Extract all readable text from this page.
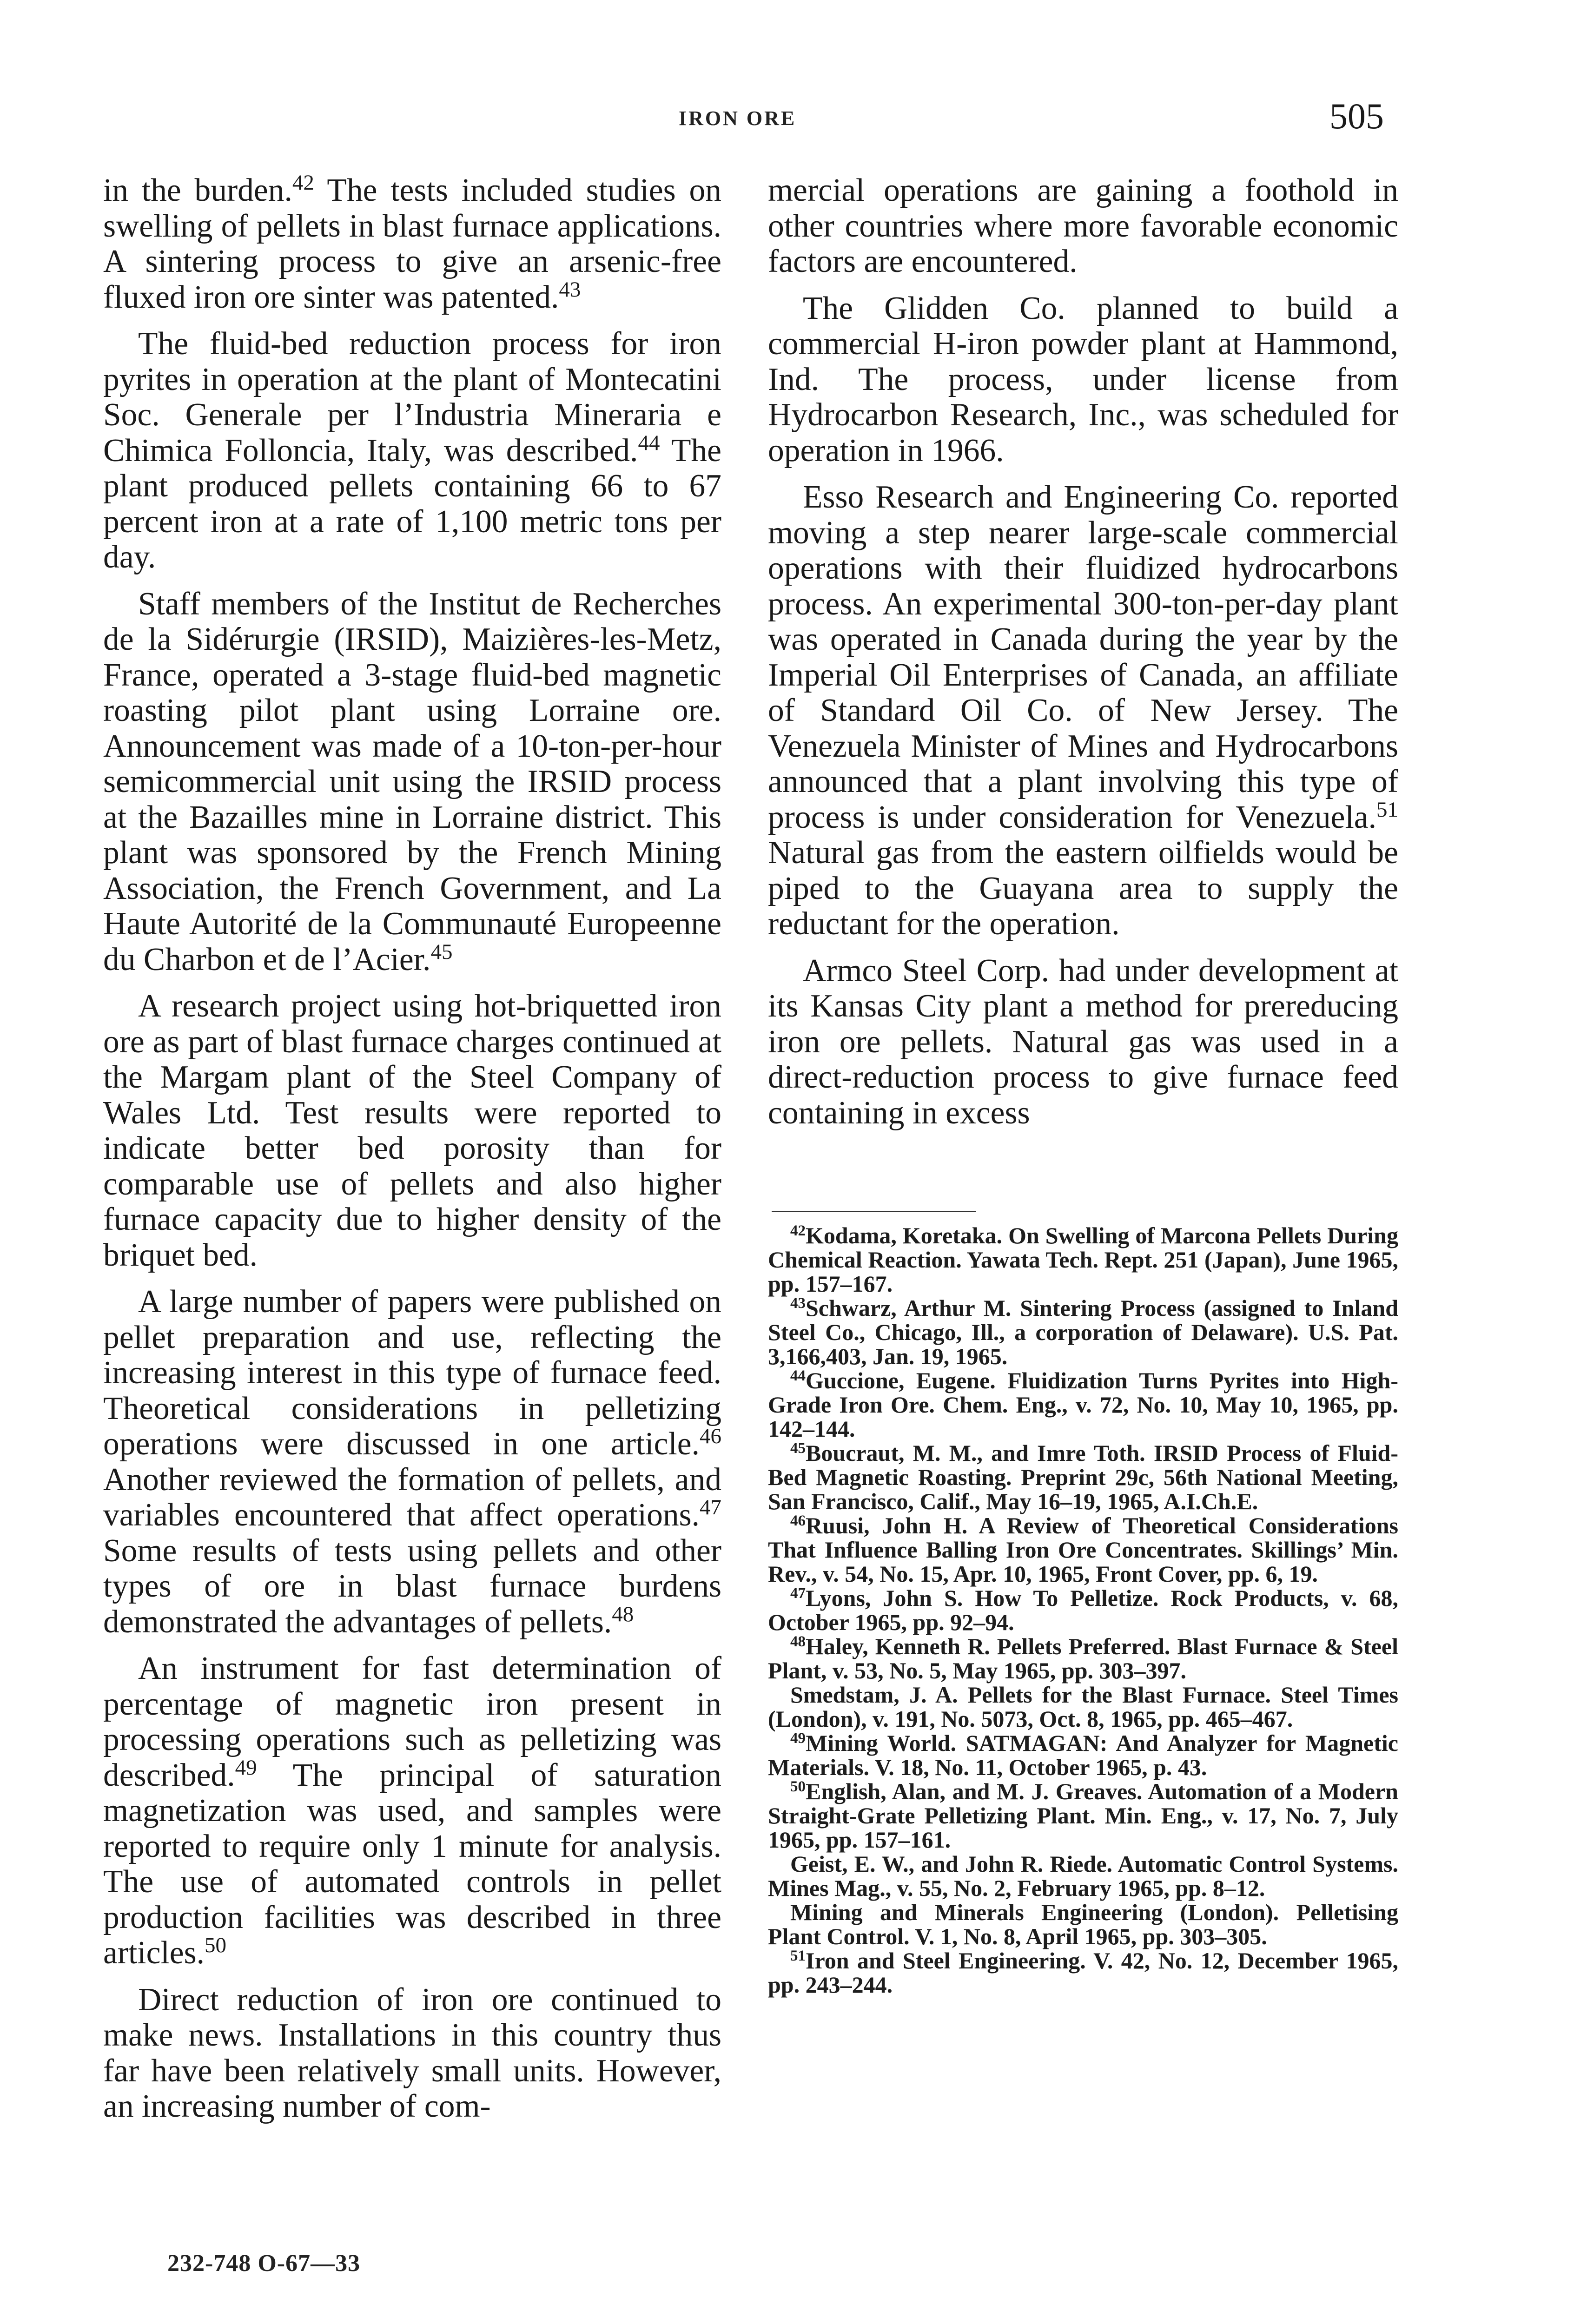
IRON ORE	505

in the burden.$^{42}$ The tests included studies on swelling of pellets in blast furnace applications. A sintering process to give an arsenic-free fluxed iron ore sinter was patented.$^{43}$

The fluid-bed reduction process for iron pyrites in operation at the plant of Montecatini Soc. Generale per l’Industria Mineraria e Chimica Folloncia, Italy, was described.$^{44}$ The plant produced pellets containing 66 to 67 percent iron at a rate of 1,100 metric tons per day.

Staff members of the Institut de Recherches de la Sidérurgie (IRSID), Maizières-les-Metz, France, operated a 3-stage fluid-bed magnetic roasting pilot plant using Lorraine ore. Announcement was made of a 10-ton-per-hour semicommercial unit using the IRSID process at the Bazailles mine in Lorraine district. This plant was sponsored by the French Mining Association, the French Government, and La Haute Autorité de la Communauté Europeenne du Charbon et de l’Acier.$^{45}$

A research project using hot-briquetted iron ore as part of blast furnace charges continued at the Margam plant of the Steel Company of Wales Ltd. Test results were reported to indicate better bed porosity than for comparable use of pellets and also higher furnace capacity due to higher density of the briquet bed.

A large number of papers were published on pellet preparation and use, reflecting the increasing interest in this type of furnace feed. Theoretical considerations in pelletizing operations were discussed in one article.$^{46}$ Another reviewed the formation of pellets, and variables encountered that affect operations.$^{47}$ Some results of tests using pellets and other types of ore in blast furnace burdens demonstrated the advantages of pellets.$^{48}$

An instrument for fast determination of percentage of magnetic iron present in processing operations such as pelletizing was described.$^{49}$ The principal of saturation magnetization was used, and samples were reported to require only 1 minute for analysis. The use of automated controls in pellet production facilities was described in three articles.$^{50}$

Direct reduction of iron ore continued to make news. Installations in this country thus far have been relatively small units. However, an increasing number of com-

mercial operations are gaining a foothold in other countries where more favorable economic factors are encountered.

The Glidden Co. planned to build a commercial H-iron powder plant at Hammond, Ind. The process, under license from Hydrocarbon Research, Inc., was scheduled for operation in 1966.

Esso Research and Engineering Co. reported moving a step nearer large-scale commercial operations with their fluidized hydrocarbons process. An experimental 300-ton-per-day plant was operated in Canada during the year by the Imperial Oil Enterprises of Canada, an affiliate of Standard Oil Co. of New Jersey. The Venezuela Minister of Mines and Hydrocarbons announced that a plant involving this type of process is under consideration for Venezuela.$^{51}$ Natural gas from the eastern oilfields would be piped to the Guayana area to supply the reductant for the operation.

Armco Steel Corp. had under development at its Kansas City plant a method for prereducing iron ore pellets. Natural gas was used in a direct-reduction process to give furnace feed containing in excess

$^{42}$Kodama, Koretaka. On Swelling of Marcona Pellets During Chemical Reaction. Yawata Tech. Rept. 251 (Japan), June 1965, pp. 157–167.

$^{43}$Schwarz, Arthur M. Sintering Process (assigned to Inland Steel Co., Chicago, Ill., a corporation of Delaware). U.S. Pat. 3,166,403, Jan. 19, 1965.

$^{44}$Guccione, Eugene. Fluidization Turns Pyrites into High-Grade Iron Ore. Chem. Eng., v. 72, No. 10, May 10, 1965, pp. 142–144.

$^{45}$Boucraut, M. M., and Imre Toth. IRSID Process of Fluid-Bed Magnetic Roasting. Preprint 29c, 56th National Meeting, San Francisco, Calif., May 16–19, 1965, A.I.Ch.E.

$^{46}$Ruusi, John H. A Review of Theoretical Considerations That Influence Balling Iron Ore Concentrates. Skillings’ Min. Rev., v. 54, No. 15, Apr. 10, 1965, Front Cover, pp. 6, 19.

$^{47}$Lyons, John S. How To Pelletize. Rock Products, v. 68, October 1965, pp. 92–94.

$^{48}$Haley, Kenneth R. Pellets Preferred. Blast Furnace & Steel Plant, v. 53, No. 5, May 1965, pp. 303–397.

Smedstam, J. A. Pellets for the Blast Furnace. Steel Times (London), v. 191, No. 5073, Oct. 8, 1965, pp. 465–467.

$^{49}$Mining World. SATMAGAN: And Analyzer for Magnetic Materials. V. 18, No. 11, October 1965, p. 43.

$^{50}$English, Alan, and M. J. Greaves. Automation of a Modern Straight-Grate Pelletizing Plant. Min. Eng., v. 17, No. 7, July 1965, pp. 157–161.

Geist, E. W., and John R. Riede. Automatic Control Systems. Mines Mag., v. 55, No. 2, February 1965, pp. 8–12.

Mining and Minerals Engineering (London). Pelletising Plant Control. V. 1, No. 8, April 1965, pp. 303–305.

$^{51}$Iron and Steel Engineering. V. 42, No. 12, December 1965, pp. 243–244.

232-748 O-67—33
